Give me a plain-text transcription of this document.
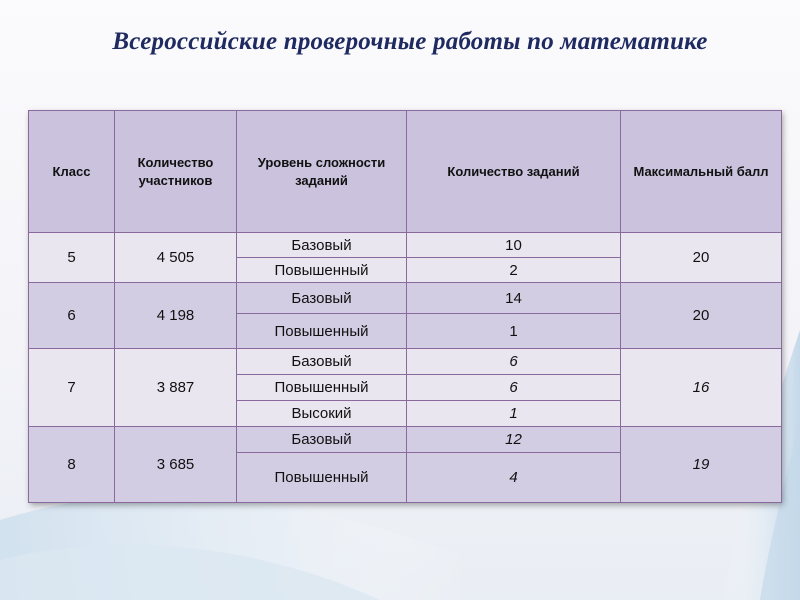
Всероссийские проверочные работы по математике
Класс	Количество участников	Уровень сложности заданий	Количество заданий	Максимальный балл
5	4 505	Базовый	10	20
		Повышенный	2	
6	4 198	Базовый	14	20
		Повышенный	1	
7	3 887	Базовый	6	16
		Повышенный	6	
		Высокий	1	
8	3 685	Базовый	12	19
		Повышенный	4	
